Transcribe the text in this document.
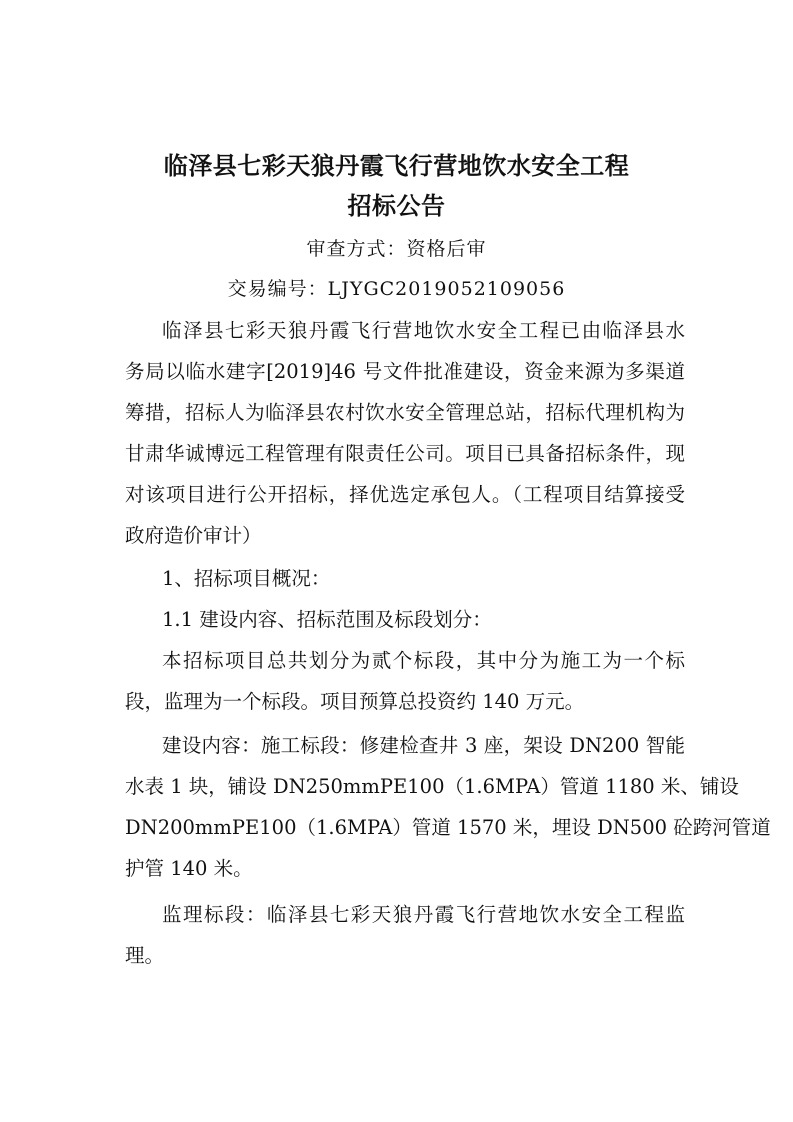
临泽县七彩天狼丹霞飞行营地饮水安全工程
招标公告
审查方式：资格后审
交易编号：LJYGC2019052109056
临泽县七彩天狼丹霞飞行营地饮水安全工程已由临泽县水
务局以临水建字[2019]46 号文件批准建设，资金来源为多渠道
筹措，招标人为临泽县农村饮水安全管理总站，招标代理机构为
甘肃华诚博远工程管理有限责任公司。项目已具备招标条件，现
对该项目进行公开招标，择优选定承包人。（工程项目结算接受
政府造价审计）
1、招标项目概况：
1.1 建设内容、招标范围及标段划分：
本招标项目总共划分为贰个标段，其中分为施工为一个标
段，监理为一个标段。项目预算总投资约 140 万元。
建设内容：施工标段：修建检查井 3 座，架设 DN200 智能
水表 1 块，铺设 DN250mmPE100（1.6MPA）管道 1180 米、铺设
DN200mmPE100（1.6MPA）管道 1570 米，埋设 DN500 砼跨河管道
护管 140 米。
监理标段：临泽县七彩天狼丹霞飞行营地饮水安全工程监
理。
